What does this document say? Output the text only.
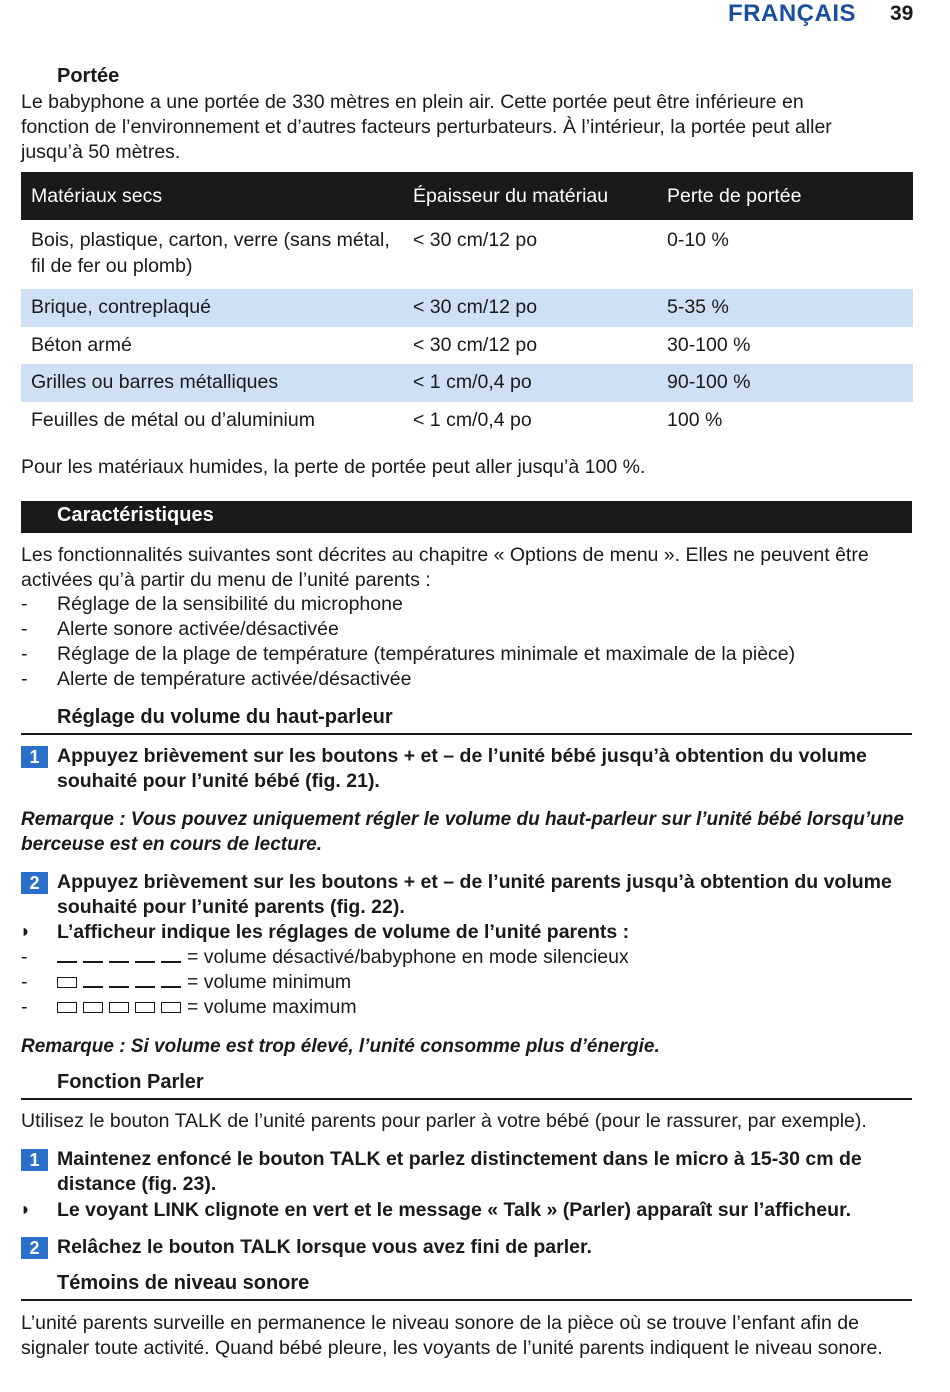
FRANÇAIS 39
Portée
Le babyphone a une portée de 330 mètres en plein air. Cette portée peut être inférieure en
fonction de l’environnement et d’autres facteurs perturbateurs. À l’intérieur, la portée peut aller
jusqu’à 50 mètres.
Matériaux secs	Épaisseur du matériau	Perte de portée
Bois, plastique, carton, verre (sans métal,
fil de fer ou plomb)	< 30 cm/12 po	0-10 %
Brique, contreplaqué	< 30 cm/12 po	5-35 %
Béton armé	< 30 cm/12 po	30-100 %
Grilles ou barres métalliques	< 1 cm/0,4 po	90-100 %
Feuilles de métal ou d’aluminium	< 1 cm/0,4 po	100 %
Pour les matériaux humides, la perte de portée peut aller jusqu’à 100 %.
Caractéristiques
Les fonctionnalités suivantes sont décrites au chapitre « Options de menu ». Elles ne peuvent être
activées qu’à partir du menu de l’unité parents :
- Réglage de la sensibilité du microphone
- Alerte sonore activée/désactivée
- Réglage de la plage de température (températures minimale et maximale de la pièce)
- Alerte de température activée/désactivée
Réglage du volume du haut-parleur
1 Appuyez brièvement sur les boutons + et – de l’unité bébé jusqu’à obtention du volume
souhaité pour l’unité bébé (fig. 21).
Remarque : Vous pouvez uniquement régler le volume du haut-parleur sur l’unité bébé lorsqu’une
berceuse est en cours de lecture.
2 Appuyez brièvement sur les boutons + et – de l’unité parents jusqu’à obtention du volume
souhaité pour l’unité parents (fig. 22).
◗ L’afficheur indique les réglages de volume de l’unité parents :
-	= volume désactivé/babyphone en mode silencieux
-	= volume minimum
-	= volume maximum
Remarque : Si volume est trop élevé, l’unité consomme plus d’énergie.
Fonction Parler
Utilisez le bouton TALK de l’unité parents pour parler à votre bébé (pour le rassurer, par exemple).
1 Maintenez enfoncé le bouton TALK et parlez distinctement dans le micro à 15-30 cm de
distance (fig. 23).
◗ Le voyant LINK clignote en vert et le message « Talk » (Parler) apparaît sur l’afficheur.
2 Relâchez le bouton TALK lorsque vous avez fini de parler.
Témoins de niveau sonore
L’unité parents surveille en permanence le niveau sonore de la pièce où se trouve l’enfant afin de
signaler toute activité. Quand bébé pleure, les voyants de l’unité parents indiquent le niveau sonore.
